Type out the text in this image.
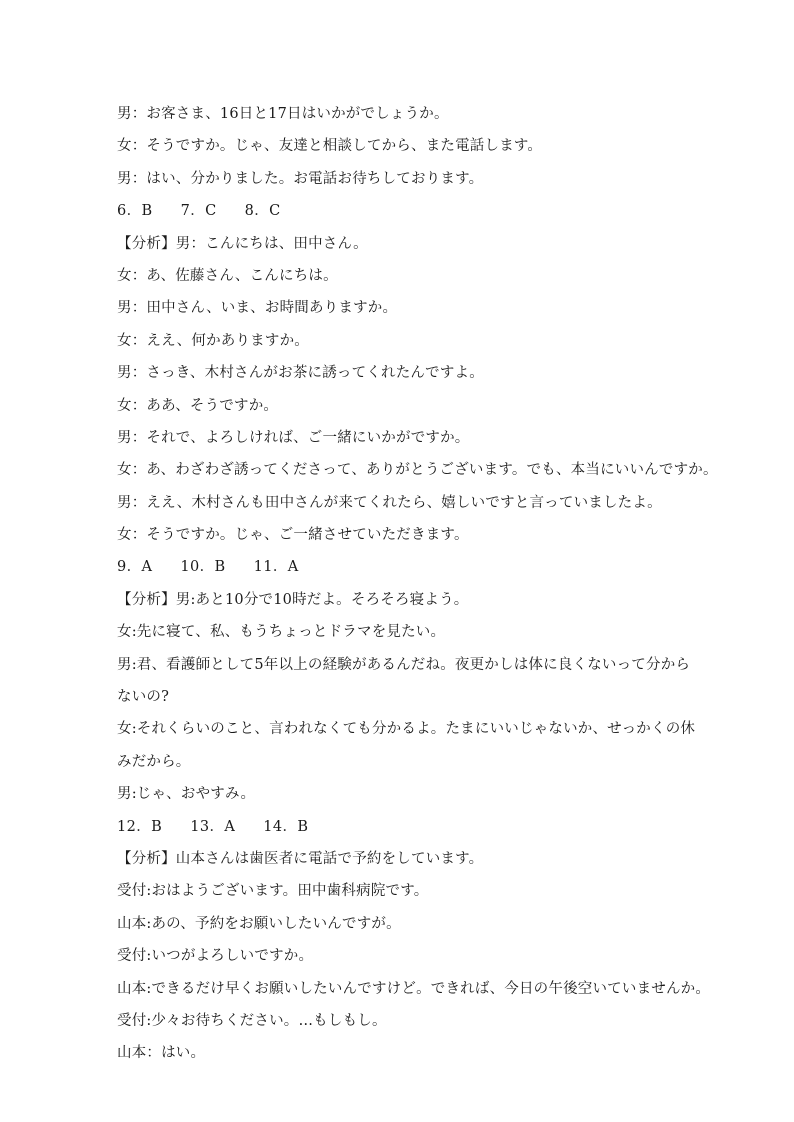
男：お客さま、16日と17日はいかがでしょうか。
女：そうですか。じゃ、友達と相談してから、また電話します。
男：はい、分かりました。お電話お待ちしております。
6．B 7．C 8．C
【分析】男：こんにちは、田中さん。
女：あ、佐藤さん、こんにちは。
男：田中さん、いま、お時間ありますか。
女：ええ、何かありますか。
男：さっき、木村さんがお茶に誘ってくれたんですよ。
女：ああ、そうですか。
男：それで、よろしければ、ご一緒にいかがですか。
女：あ、わざわざ誘ってくださって、ありがとうございます。でも、本当にいいんですか。
男：ええ、木村さんも田中さんが来てくれたら、嬉しいですと言っていましたよ。
女：そうですか。じゃ、ご一緒させていただきます。
9．A 10．B 11．A
【分析】男:あと10分で10時だよ。そろそろ寝よう。
女:先に寝て、私、もうちょっとドラマを見たい。
男:君、看護師として5年以上の経験があるんだね。夜更かしは体に良くないって分から
ないの?
女:それくらいのこと、言われなくても分かるよ。たまにいいじゃないか、せっかくの休
みだから。
男:じゃ、おやすみ。
12．B 13．A 14．B
【分析】山本さんは歯医者に電話で予約をしています。
受付:おはようございます。田中歯科病院です。
山本:あの、予約をお願いしたいんですが。
受付:いつがよろしいですか。
山本:できるだけ早くお願いしたいんですけど。できれば、今日の午後空いていませんか。
受付:少々お待ちください。…もしもし。
山本：はい。
